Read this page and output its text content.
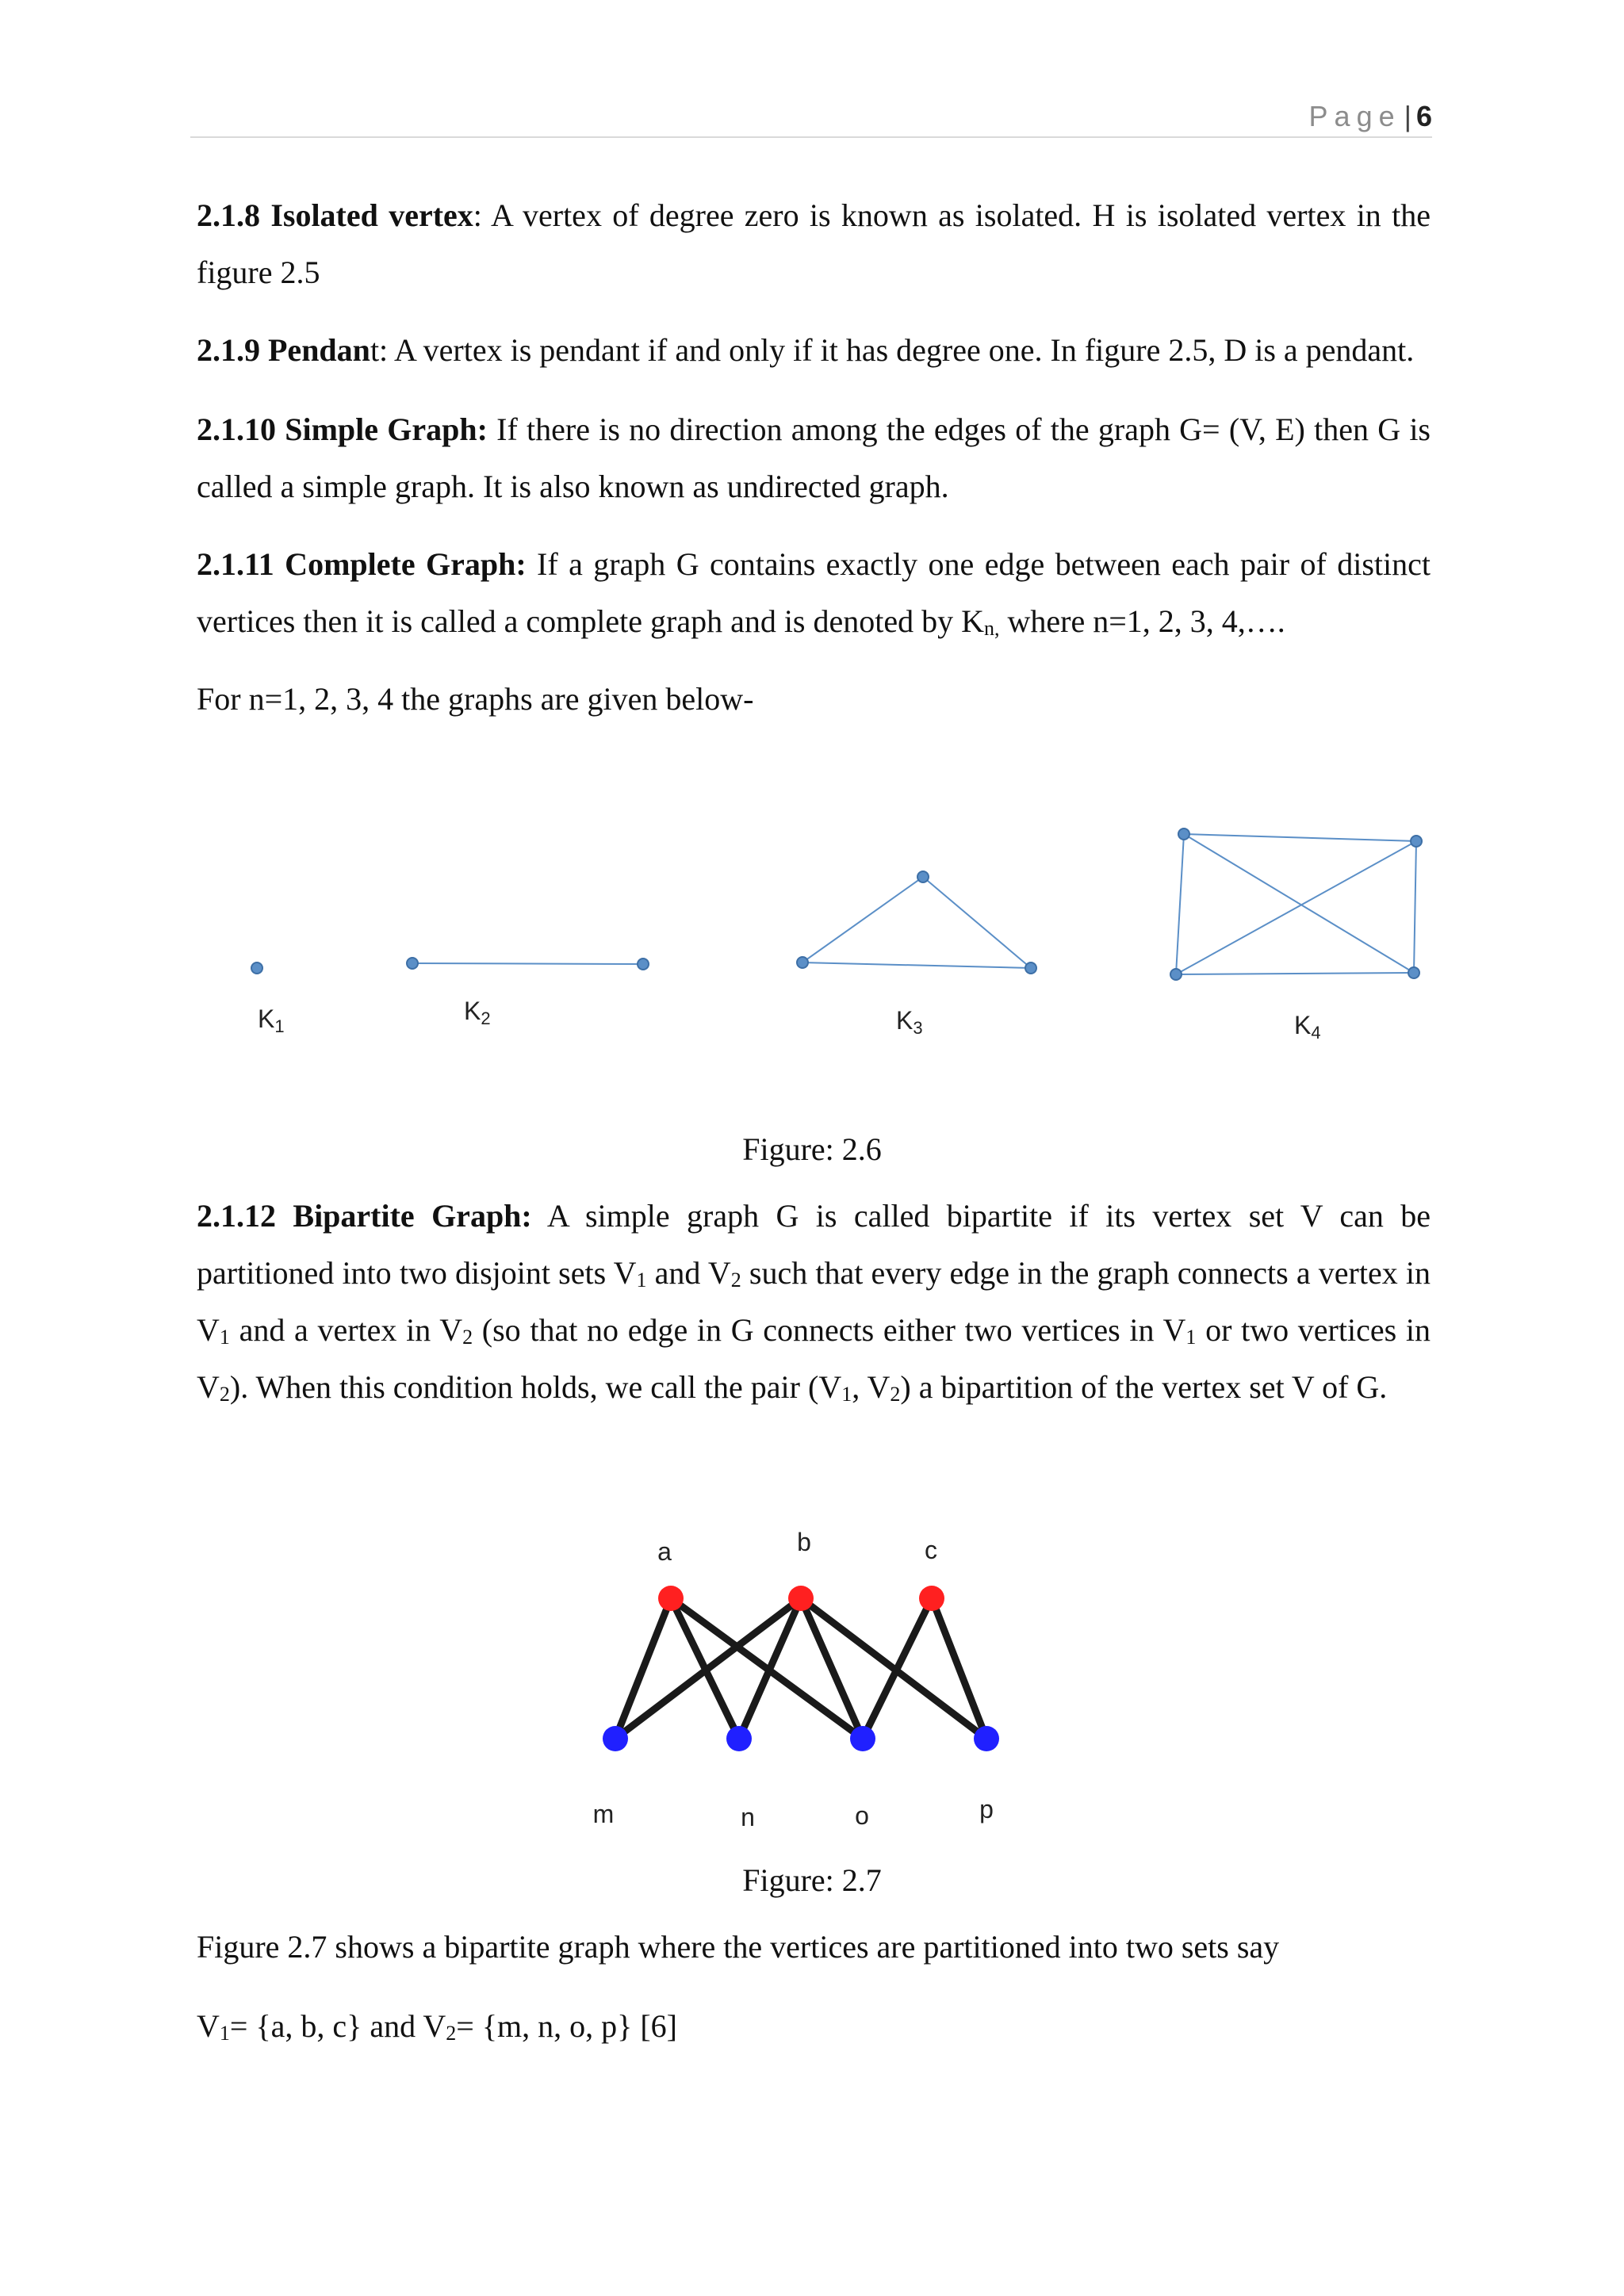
Page | 6

2.1.8 Isolated vertex: A vertex of degree zero is known as isolated. H is isolated vertex in the figure 2.5

2.1.9 Pendant: A vertex is pendant if and only if it has degree one. In figure 2.5, D is a pendant.

2.1.10 Simple Graph: If there is no direction among the edges of the graph G= (V, E) then G is called a simple graph. It is also known as undirected graph.

2.1.11 Complete Graph: If a graph G contains exactly one edge between each pair of distinct vertices then it is called a complete graph and is denoted by $K_{n,}$ where n=1, 2, 3, 4,….

For n=1, 2, 3, 4 the graphs are given below-

K1
K2	K3	K4
Figure: 2.6

2.1.12 Bipartite Graph: A simple graph G is called bipartite if its vertex set V can be partitioned into two disjoint sets $V_1$ and $V_2$ such that every edge in the graph connects a vertex in $V_1$ and a vertex in $V_2$ (so that no edge in G connects either two vertices in $V_1$ or two vertices in $V_2$). When this condition holds, we call the pair ($V_1$, $V_2$) a bipartition of the vertex set V of G.

a	b	c
m	n	o	p
Figure: 2.7

Figure 2.7 shows a bipartite graph where the vertices are partitioned into two sets say

$V_1= \{a$, b, c} and $V_2= \{m$, n, o, p} [6]
